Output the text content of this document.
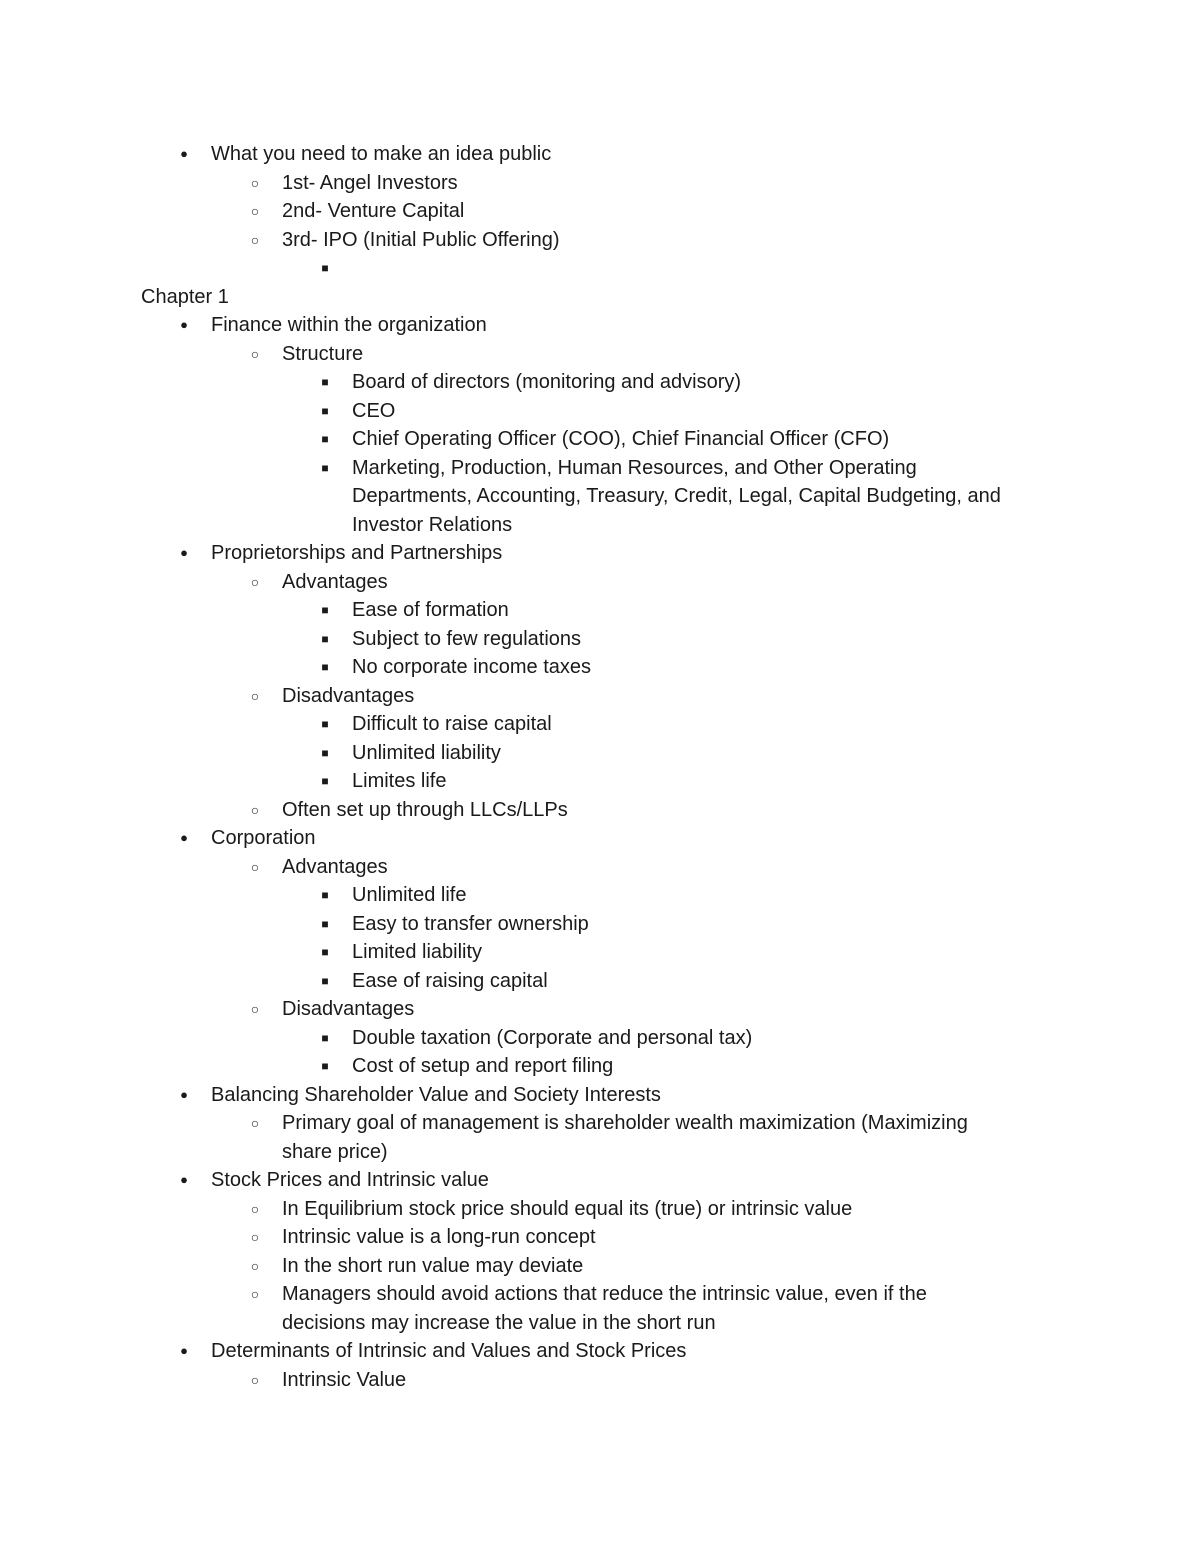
●	What you need to make an idea public
○ 1st- Angel Investors
○ 2nd- Venture Capital
○ 3rd- IPO (Initial Public Offering)
■
Chapter 1
●	Finance within the organization
○ Structure
■	Board of directors (monitoring and advisory)
■	CEO
■	Chief Operating Officer (COO), Chief Financial Officer (CFO)
■	Marketing, Production, Human Resources, and Other Operating
Departments, Accounting, Treasury, Credit, Legal, Capital Budgeting, and
Investor Relations
●	Proprietorships and Partnerships
○ Advantages
■	Ease of formation
■	Subject to few regulations
■	No corporate income taxes
○ Disadvantages
■	Difficult to raise capital
■	Unlimited liability
■	Limites life
○ Often set up through LLCs/LLPs
●	Corporation
○ Advantages
■	Unlimited life
■	Easy to transfer ownership
■	Limited liability
■	Ease of raising capital
○ Disadvantages
■	Double taxation (Corporate and personal tax)
■	Cost of setup and report filing
●	Balancing Shareholder Value and Society Interests
○ Primary goal of management is shareholder wealth maximization (Maximizing
share price)
●	Stock Prices and Intrinsic value
○ In Equilibrium stock price should equal its (true) or intrinsic value
○ Intrinsic value is a long-run concept
○ In the short run value may deviate
○ Managers should avoid actions that reduce the intrinsic value, even if the
decisions may increase the value in the short run
●	Determinants of Intrinsic and Values and Stock Prices
○ Intrinsic Value
